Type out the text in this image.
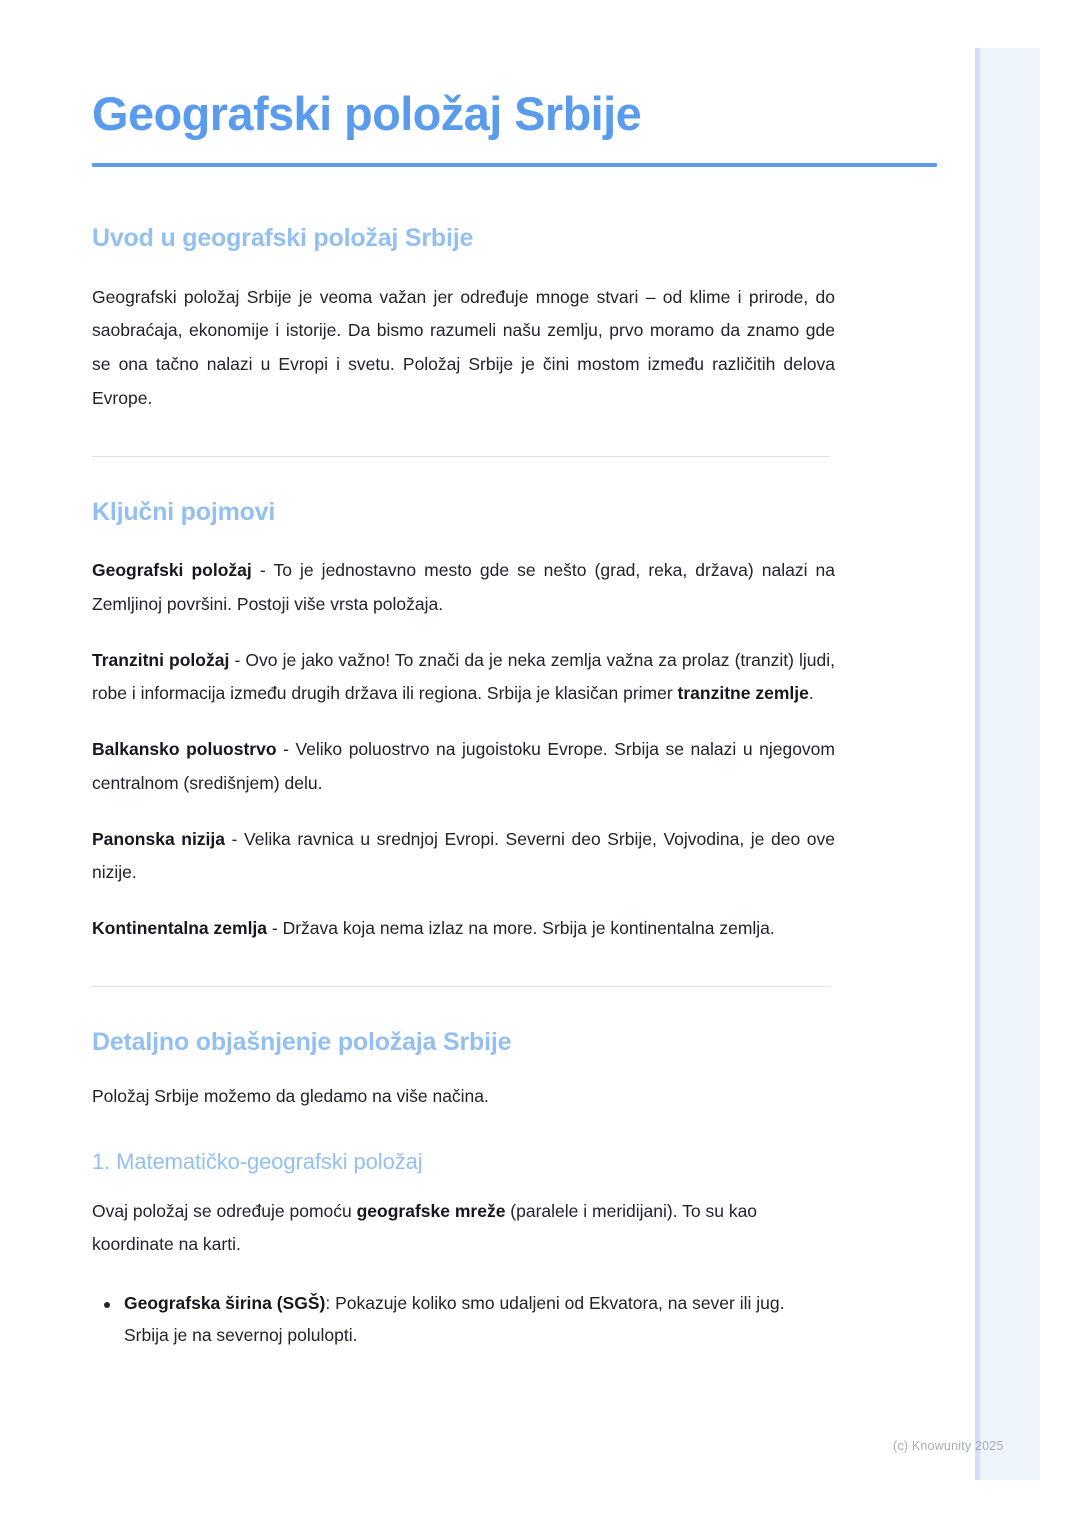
Geografski položaj Srbije
Uvod u geografski položaj Srbije

Geografski položaj Srbije je veoma važan jer određuje mnoge stvari – od klime i prirode, do saobraćaja, ekonomije i istorije. Da bismo razumeli našu zemlju, prvo moramo da znamo gde se ona tačno nalazi u Evropi i svetu. Položaj Srbije je čini mostom između različitih delova Evrope.

Ključni pojmovi

Geografski položaj - To je jednostavno mesto gde se nešto (grad, reka, država) nalazi na Zemljinoj površini. Postoji više vrsta položaja.

Tranzitni položaj - Ovo je jako važno! To znači da je neka zemlja važna za prolaz (tranzit) ljudi, robe i informacija između drugih država ili regiona. Srbija je klasičan primer tranzitne zemlje.

Balkansko poluostrvo - Veliko poluostrvo na jugoistoku Evrope. Srbija se nalazi u njegovom centralnom (središnjem) delu.

Panonska nizija - Velika ravnica u srednjoj Evropi. Severni deo Srbije, Vojvodina, je deo ove nizije.

Kontinentalna zemlja - Država koja nema izlaz na more. Srbija je kontinentalna zemlja.

Detaljno objašnjenje položaja Srbije

Položaj Srbije možemo da gledamo na više načina.

1. Matematičko-geografski položaj

Ovaj položaj se određuje pomoću geografske mreže (paralele i meridijani). To su kao koordinate na karti.

Geografska širina (SGŠ): Pokazuje koliko smo udaljeni od Ekvatora, na sever ili jug. Srbija je na severnoj polulopti.
(c) Knowunity 2025
